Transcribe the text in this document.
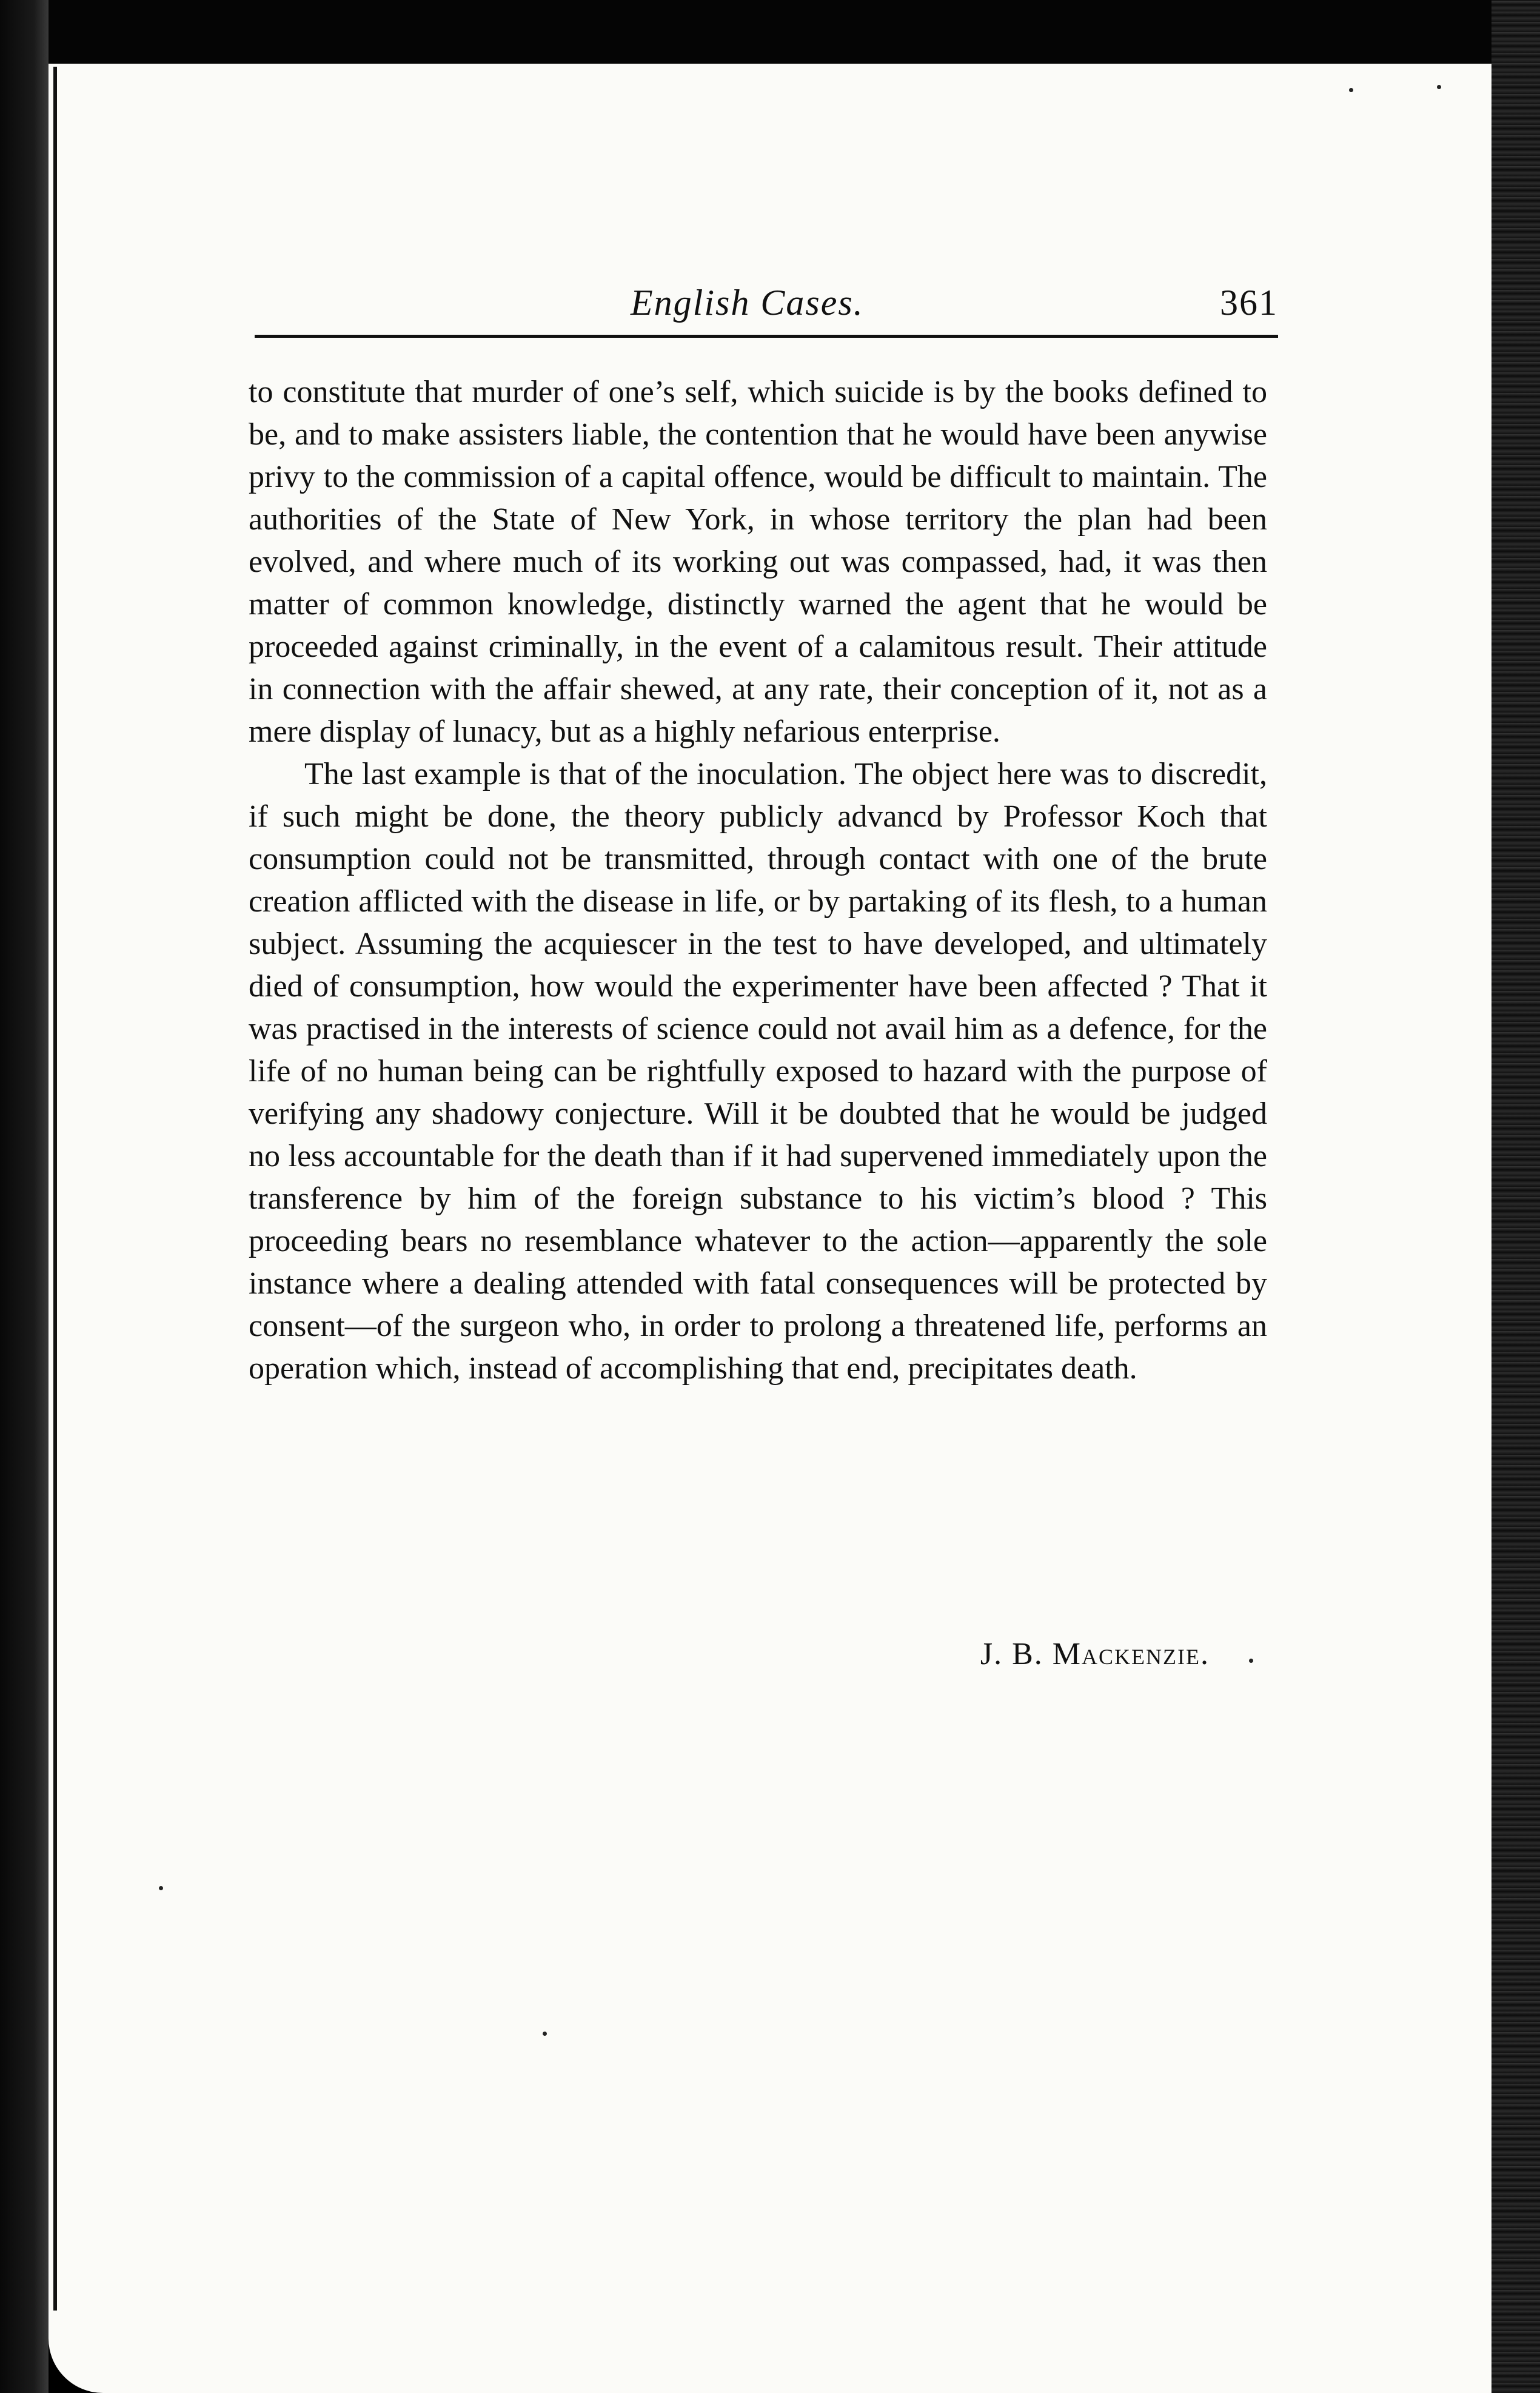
English Cases.	361

to constitute that murder of one’s self, which suicide is by the books defined to be, and to make assisters liable, the contention that he would have been anywise privy to the commission of a capital offence, would be difficult to maintain. The authorities of the State of New York, in whose territory the plan had been evolved, and where much of its working out was compassed, had, it was then matter of common knowledge, distinctly warned the agent that he would be proceeded against criminally, in the event of a calamitous result. Their attitude in connection with the affair shewed, at any rate, their conception of it, not as a mere display of lunacy, but as a highly nefarious enterprise.

The last example is that of the inoculation. The object here was to discredit, if such might be done, the theory publicly advancd by Professor Koch that consumption could not be transmitted, through contact with one of the brute creation afflicted with the disease in life, or by partaking of its flesh, to a human subject. Assuming the acquiescer in the test to have developed, and ultimately died of consumption, how would the experimenter have been affected ? That it was practised in the interests of science could not avail him as a defence, for the life of no human being can be rightfully exposed to hazard with the purpose of verifying any shadowy conjecture. Will it be doubted that he would be judged no less accountable for the death than if it had supervened immediately upon the transference by him of the foreign substance to his victim’s blood ? This proceeding bears no resemblance whatever to the action—apparently the sole instance where a dealing attended with fatal consequences will be protected by consent—of the surgeon who, in order to prolong a threatened life, performs an operation which, instead of accomplishing that end, precipitates death.

J. B. Mackenzie.
